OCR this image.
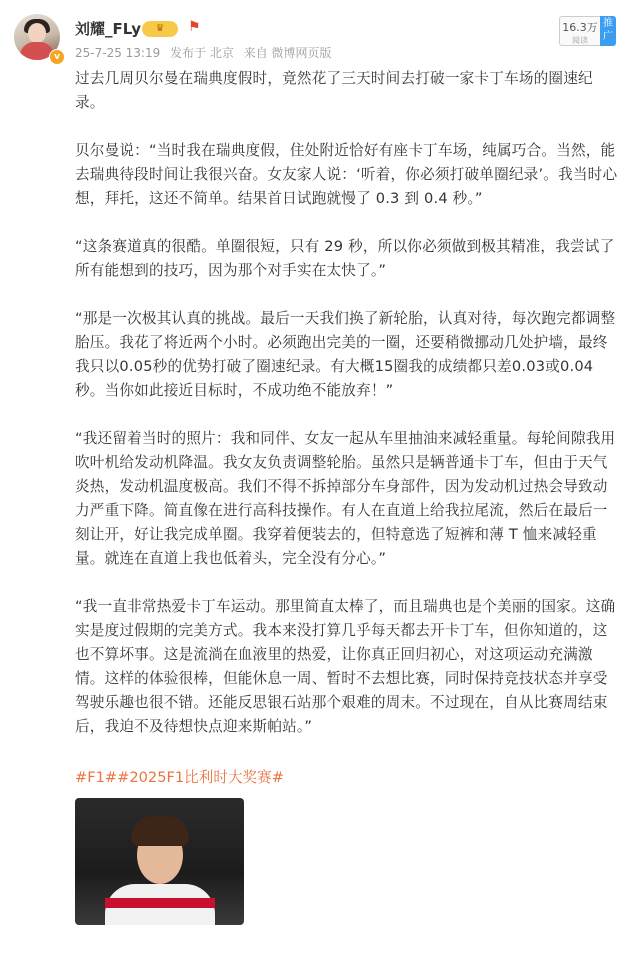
v
刘耀_FLy	♛	⚑
25-7-25 13:19 发布于 北京 来自 微博网页版
16.3万
阅读
推广

过去几周贝尔曼在瑞典度假时，竟然花了三天时间去打破一家卡丁车场的圈速纪录。

贝尔曼说：“当时我在瑞典度假，住处附近恰好有座卡丁车场，纯属巧合。当然，能去瑞典待段时间让我很兴奋。女友家人说：‘听着，你必须打破单圈纪录’。我当时心想，拜托，这还不简单。结果首日试跑就慢了 0.3 到 0.4 秒。”

“这条赛道真的很酷。单圈很短，只有 29 秒，所以你必须做到极其精准，我尝试了所有能想到的技巧，因为那个对手实在太快了。”

“那是一次极其认真的挑战。最后一天我们换了新轮胎，认真对待，每次跑完都调整胎压。我花了将近两个小时。必须跑出完美的一圈，还要稍微挪动几处护墙，最终我只以0.05秒的优势打破了圈速纪录。有大概15圈我的成绩都只差0.03或0.04秒。当你如此接近目标时，不成功绝不能放弃！”

“我还留着当时的照片：我和同伴、女友一起从车里抽油来减轻重量。每轮间隙我用吹叶机给发动机降温。我女友负责调整轮胎。虽然只是辆普通卡丁车，但由于天气炎热，发动机温度极高。我们不得不拆掉部分车身部件，因为发动机过热会导致动力严重下降。简直像在进行高科技操作。有人在直道上给我拉尾流，然后在最后一刻让开，好让我完成单圈。我穿着便装去的，但特意选了短裤和薄 T 恤来减轻重量。就连在直道上我也低着头，完全没有分心。”

“我一直非常热爱卡丁车运动。那里简直太棒了，而且瑞典也是个美丽的国家。这确实是度过假期的完美方式。我本来没打算几乎每天都去开卡丁车，但你知道的，这也不算坏事。这是流淌在血液里的热爱，让你真正回归初心，对这项运动充满激情。这样的体验很棒，但能休息一周、暂时不去想比赛，同时保持竞技状态并享受驾驶乐趣也很不错。还能反思银石站那个艰难的周末。不过现在，自从比赛周结束后，我迫不及待想快点迎来斯帕站。”

#F1##2025F1比利时大奖赛#
